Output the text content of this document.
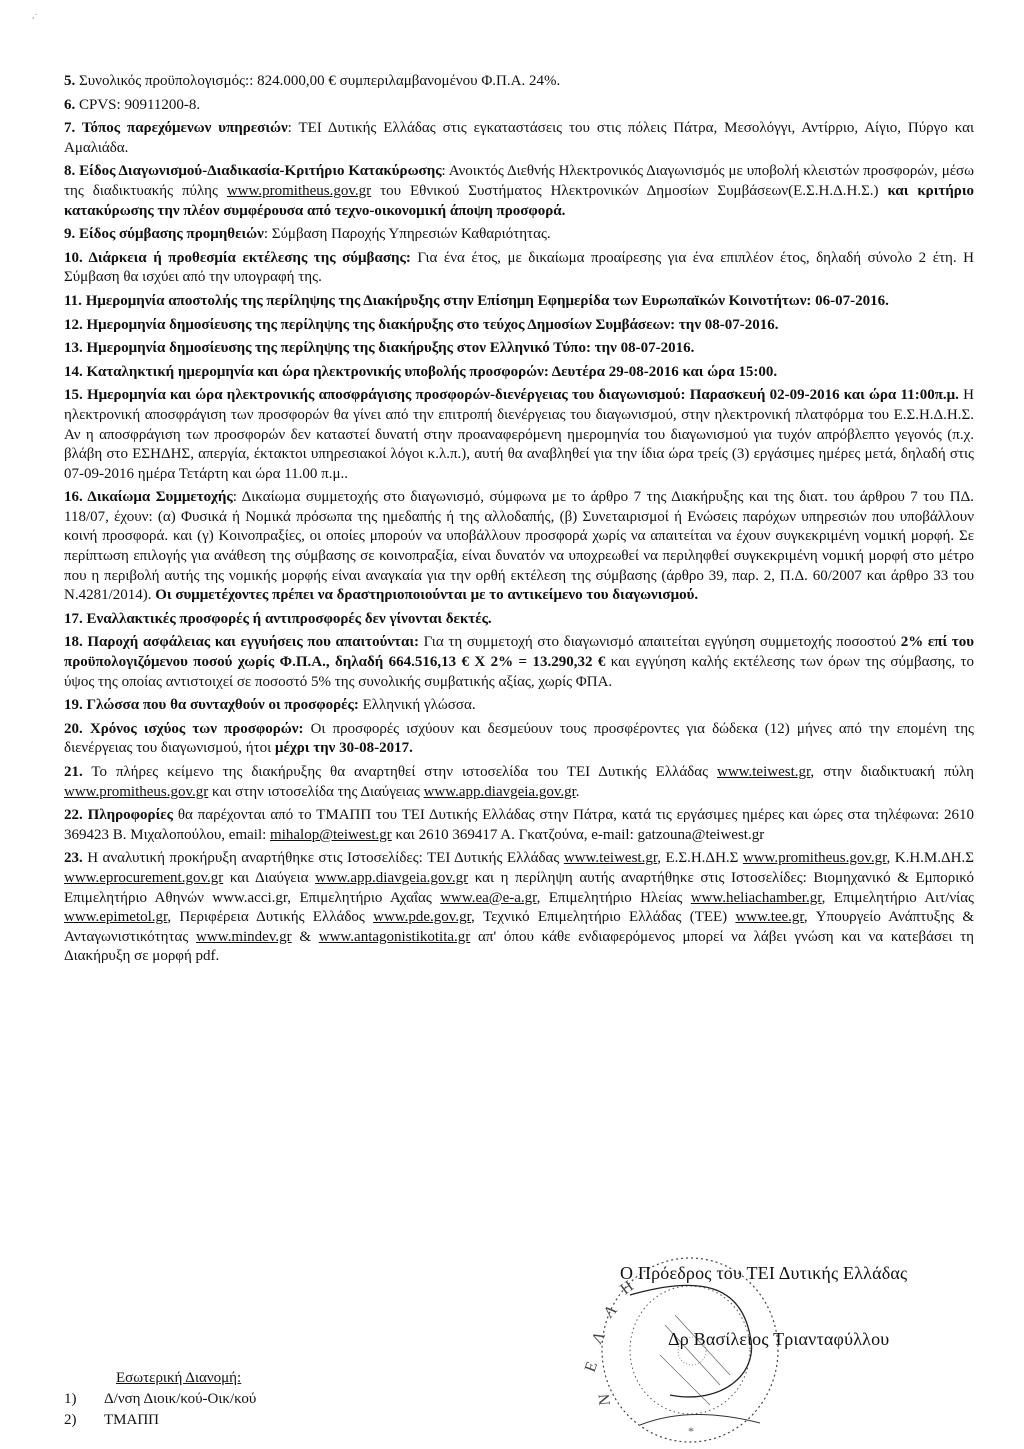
,·
5. Συνολικός προϋπολογισμός:: 824.000,00 € συμπεριλαμβανομένου Φ.Π.Α. 24%.
6. CPVS: 90911200-8.
7. Τόπος παρεχόμενων υπηρεσιών: ΤΕΙ Δυτικής Ελλάδας στις εγκαταστάσεις του στις πόλεις Πάτρα, Μεσολόγγι, Αντίρριο, Αίγιο, Πύργο και Αμαλιάδα.
8. Είδος Διαγωνισμού-Διαδικασία-Κριτήριο Κατακύρωσης: Ανοικτός Διεθνής Ηλεκτρονικός Διαγωνισμός με υποβολή κλειστών προσφορών, μέσω της διαδικτυακής πύλης www.promitheus.gov.gr του Εθνικού Συστήματος Ηλεκτρονικών Δημοσίων Συμβάσεων(Ε.Σ.Η.Δ.Η.Σ.) και κριτήριο κατακύρωσης την πλέον συμφέρουσα από τεχνο-οικονομική άποψη προσφορά.
9. Είδος σύμβασης προμηθειών: Σύμβαση Παροχής Υπηρεσιών Καθαριότητας.
10. Διάρκεια ή προθεσμία εκτέλεσης της σύμβασης: Για ένα έτος, με δικαίωμα προαίρεσης για ένα επιπλέον έτος, δηλαδή σύνολο 2 έτη. Η Σύμβαση θα ισχύει από την υπογραφή της.
11. Ημερομηνία αποστολής της περίληψης της Διακήρυξης στην Επίσημη Εφημερίδα των Ευρωπαϊκών Κοινοτήτων: 06-07-2016.
12. Ημερομηνία δημοσίευσης της περίληψης της διακήρυξης στο τεύχος Δημοσίων Συμβάσεων: την 08-07-2016.
13. Ημερομηνία δημοσίευσης της περίληψης της διακήρυξης στον Ελληνικό Τύπο: την 08-07-2016.
14. Καταληκτική ημερομηνία και ώρα ηλεκτρονικής υποβολής προσφορών: Δευτέρα 29-08-2016 και ώρα 15:00.
15. Ημερομηνία και ώρα ηλεκτρονικής αποσφράγισης προσφορών-διενέργειας του διαγωνισμού: Παρασκευή 02-09-2016 και ώρα 11:00π.μ. Η ηλεκτρονική αποσφράγιση των προσφορών θα γίνει από την επιτροπή διενέργειας του διαγωνισμού, στην ηλεκτρονική πλατφόρμα του Ε.Σ.Η.Δ.Η.Σ. Αν η αποσφράγιση των προσφορών δεν καταστεί δυνατή στην προαναφερόμενη ημερομηνία του διαγωνισμού για τυχόν απρόβλεπτο γεγονός (π.χ. βλάβη στο ΕΣΗΔΗΣ, απεργία, έκτακτοι υπηρεσιακοί λόγοι κ.λ.π.), αυτή θα αναβληθεί για την ίδια ώρα τρείς (3) εργάσιμες ημέρες μετά, δηλαδή στις 07-09-2016 ημέρα Τετάρτη και ώρα 11.00 π.μ..
16. Δικαίωμα Συμμετοχής: Δικαίωμα συμμετοχής στο διαγωνισμό, σύμφωνα με το άρθρο 7 της Διακήρυξης και της διατ. του άρθρου 7 του ΠΔ. 118/07, έχουν: (α) Φυσικά ή Νομικά πρόσωπα της ημεδαπής ή της αλλοδαπής, (β) Συνεταιρισμοί ή Ενώσεις παρόχων υπηρεσιών που υποβάλλουν κοινή προσφορά. και (γ) Κοινοπραξίες, οι οποίες μπορούν να υποβάλλουν προσφορά χωρίς να απαιτείται να έχουν συγκεκριμένη νομική μορφή. Σε περίπτωση επιλογής για ανάθεση της σύμβασης σε κοινοπραξία, είναι δυνατόν να υποχρεωθεί να περιληφθεί συγκεκριμένη νομική μορφή στο μέτρο που η περιβολή αυτής της νομικής μορφής είναι αναγκαία για την ορθή εκτέλεση της σύμβασης (άρθρο 39, παρ. 2, Π.Δ. 60/2007 και άρθρο 33 του Ν.4281/2014). Οι συμμετέχοντες πρέπει να δραστηριοποιούνται με το αντικείμενο του διαγωνισμού.
17. Εναλλακτικές προσφορές ή αντιπροσφορές δεν γίνονται δεκτές.
18. Παροχή ασφάλειας και εγγυήσεις που απαιτούνται: Για τη συμμετοχή στο διαγωνισμό απαιτείται εγγύηση συμμετοχής ποσοστού 2% επί του προϋπολογιζόμενου ποσού χωρίς Φ.Π.Α., δηλαδή 664.516,13 € Χ 2% = 13.290,32 € και εγγύηση καλής εκτέλεσης των όρων της σύμβασης, το ύψος της οποίας αντιστοιχεί σε ποσοστό 5% της συνολικής συμβατικής αξίας, χωρίς ΦΠΑ.
19. Γλώσσα που θα συνταχθούν οι προσφορές: Ελληνική γλώσσα.
20. Χρόνος ισχύος των προσφορών: Οι προσφορές ισχύουν και δεσμεύουν τους προσφέροντες για δώδεκα (12) μήνες από την επομένη της διενέργειας του διαγωνισμού, ήτοι μέχρι την 30-08-2017.
21. Το πλήρες κείμενο της διακήρυξης θα αναρτηθεί στην ιστοσελίδα του ΤΕΙ Δυτικής Ελλάδας www.teiwest.gr, στην διαδικτυακή πύλη www.promitheus.gov.gr και στην ιστοσελίδα της Διαύγειας www.app.diavgeia.gov.gr.
22. Πληροφορίες θα παρέχονται από το ΤΜΑΠΠ του ΤΕΙ Δυτικής Ελλάδας στην Πάτρα, κατά τις εργάσιμες ημέρες και ώρες στα τηλέφωνα: 2610 369423 Β. Μιχαλοπούλου, email: mihalop@teiwest.gr και 2610 369417 Α. Γκατζούνα, e-mail: gatzouna@teiwest.gr
23. Η αναλυτική προκήρυξη αναρτήθηκε στις Ιστοσελίδες: ΤΕΙ Δυτικής Ελλάδας www.teiwest.gr, Ε.Σ.Η.ΔΗ.Σ www.promitheus.gov.gr, Κ.Η.Μ.ΔΗ.Σ www.eprocurement.gov.gr και Διαύγεια www.app.diavgeia.gov.gr και η περίληψη αυτής αναρτήθηκε στις Ιστοσελίδες: Βιομηχανικό & Εμπορικό Επιμελητήριο Αθηνών www.acci.gr, Επιμελητήριο Αχαΐας www.ea@e-a.gr, Επιμελητήριο Ηλείας www.heliachamber.gr, Επιμελητήριο Αιτ/νίας www.epimetol.gr, Περιφέρεια Δυτικής Ελλάδος www.pde.gov.gr, Τεχνικό Επιμελητήριο Ελλάδας (ΤΕΕ) www.tee.gr, Υπουργείο Ανάπτυξης & Ανταγωνιστικότητας www.mindev.gr & www.antagonistikotita.gr απ' όπου κάθε ενδιαφερόμενος μπορεί να λάβει γνώση και να κατεβάσει τη Διακήρυξη σε μορφή pdf.
Ε
Λ
Λ
Η
Ν
*
Ο Πρόεδρος του ΤΕΙ Δυτικής Ελλάδας
Δρ Βασίλειος Τριανταφύλλου
Εσωτερική Διανομή:
1)	Δ/νση Διοικ/κού-Οικ/κού
2)	ΤΜΑΠΠ
